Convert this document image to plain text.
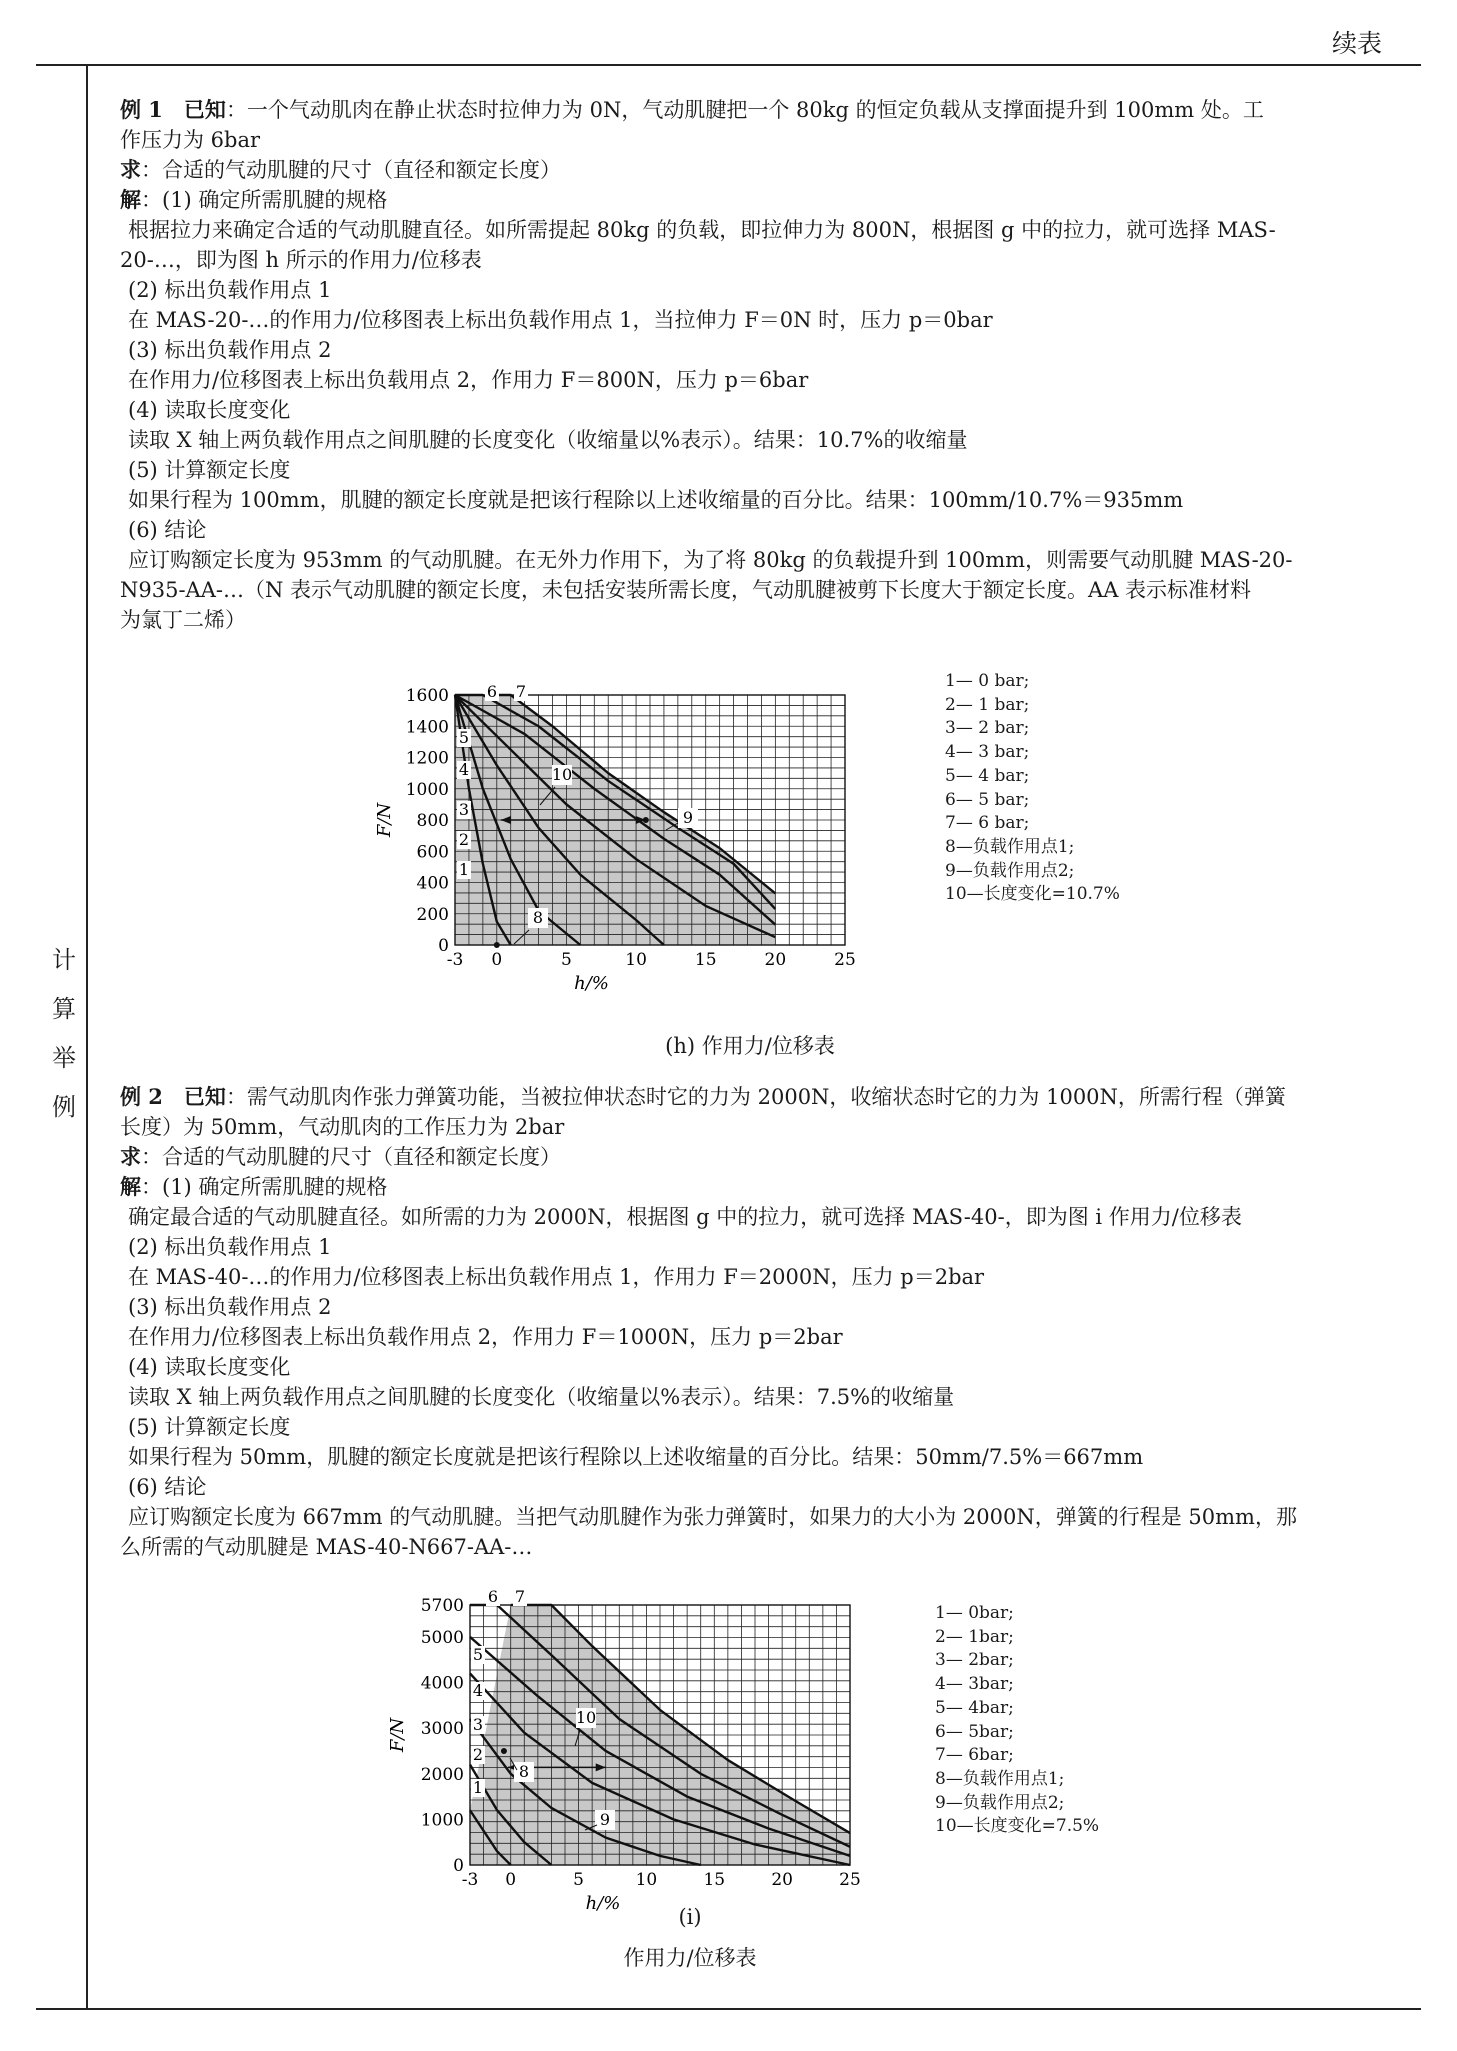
续表
计
算
举
例

例 1　已知：一个气动肌肉在静止状态时拉伸力为 0N，气动肌腱把一个 80kg 的恒定负载从支撑面提升到 100mm 处。工

作压力为 6bar

求：合适的气动肌腱的尺寸（直径和额定长度）

解：(1) 确定所需肌腱的规格

根据拉力来确定合适的气动肌腱直径。如所需提起 80kg 的负载，即拉伸力为 800N，根据图 g 中的拉力，就可选择 MAS-

20-…，即为图 h 所示的作用力/位移表

(2) 标出负载作用点 1

在 MAS-20-…的作用力/位移图表上标出负载作用点 1，当拉伸力 F＝0N 时，压力 p＝0bar

(3) 标出负载作用点 2

在作用力/位移图表上标出负载用点 2，作用力 F＝800N，压力 p＝6bar

(4) 读取长度变化

读取 X 轴上两负载作用点之间肌腱的长度变化（收缩量以%表示）。结果：10.7%的收缩量

(5) 计算额定长度

如果行程为 100mm，肌腱的额定长度就是把该行程除以上述收缩量的百分比。结果：100mm/10.7%＝935mm

(6) 结论

应订购额定长度为 953mm 的气动肌腱。在无外力作用下，为了将 80kg 的负载提升到 100mm，则需要气动肌腱 MAS-20-

N935-AA-…（N 表示气动肌腱的额定长度，未包括安装所需长度，气动肌腱被剪下长度大于额定长度。AA 表示标准材料

为氯丁二烯）

1
2
3
4
5
6 7
8
9
10
-3 0	5	10	15	20	25
0
200
400
600
800
1000
1200
1400
1600
h/%
F/N
1— 0 bar;
2— 1 bar;
3— 2 bar;
4— 3 bar;
5— 4 bar;
6— 5 bar;
7— 6 bar;
8—负载作用点1;
9—负载作用点2;
10—长度变化=10.7%
(h) 作用力/位移表

例 2　已知：需气动肌肉作张力弹簧功能，当被拉伸状态时它的力为 2000N，收缩状态时它的力为 1000N，所需行程（弹簧

长度）为 50mm，气动肌肉的工作压力为 2bar

求：合适的气动肌腱的尺寸（直径和额定长度）

解：(1) 确定所需肌腱的规格

确定最合适的气动肌腱直径。如所需的力为 2000N，根据图 g 中的拉力，就可选择 MAS-40-，即为图 i 作用力/位移表

(2) 标出负载作用点 1

在 MAS-40-…的作用力/位移图表上标出负载作用点 1，作用力 F＝2000N，压力 p＝2bar

(3) 标出负载作用点 2

在作用力/位移图表上标出负载作用点 2，作用力 F＝1000N，压力 p＝2bar

(4) 读取长度变化

读取 X 轴上两负载作用点之间肌腱的长度变化（收缩量以%表示）。结果：7.5%的收缩量

(5) 计算额定长度

如果行程为 50mm，肌腱的额定长度就是把该行程除以上述收缩量的百分比。结果：50mm/7.5%＝667mm

(6) 结论

应订购额定长度为 667mm 的气动肌腱。当把气动肌腱作为张力弹簧时，如果力的大小为 2000N，弹簧的行程是 50mm，那

么所需的气动肌腱是 MAS-40-N667-AA-…

1
2
3
4
5
6 7
8
9
10
-3 0	5	10	15	20	25
0
1000
2000
3000
4000
5000
5700
h/%
F/N
1— 0bar;
2— 1bar;
3— 2bar;
4— 3bar;
5— 4bar;
6— 5bar;
7— 6bar;
8—负载作用点1;
9—负载作用点2;
10—长度变化=7.5%
(i)
作用力/位移表
